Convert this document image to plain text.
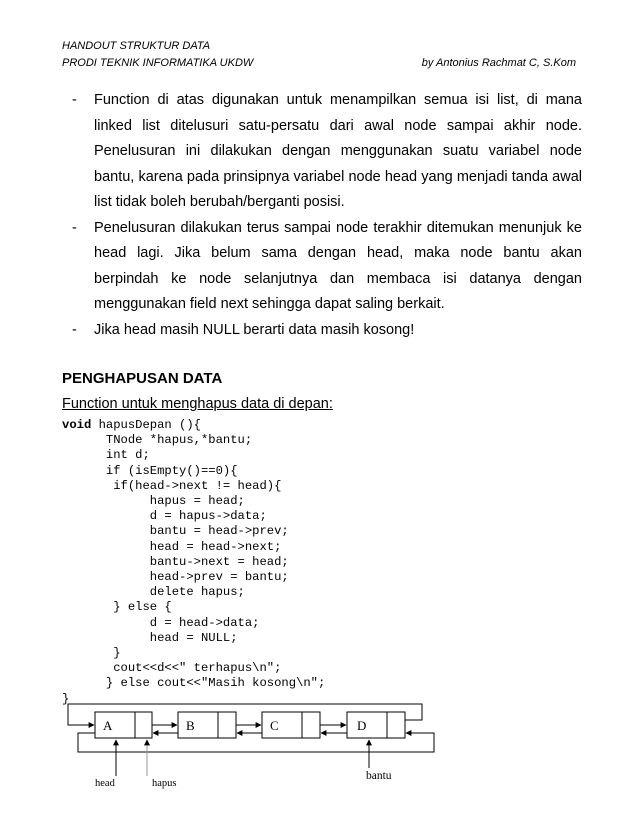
HANDOUT STRUKTUR DATA
PRODI TEKNIK INFORMATIKA UKDW	by Antonius Rachmat C, S.Kom
-	Function di atas digunakan untuk menampilkan semua isi list, di mana linked list ditelusuri satu-persatu dari awal node sampai akhir node. Penelusuran ini dilakukan dengan menggunakan suatu variabel node bantu, karena pada prinsipnya variabel node head yang menjadi tanda awal list tidak boleh berubah/berganti posisi.
-	Penelusuran dilakukan terus sampai node terakhir ditemukan menunjuk ke head lagi. Jika belum sama dengan head, maka node bantu akan berpindah ke node selanjutnya dan membaca isi datanya dengan menggunakan field next sehingga dapat saling berkait.
-	Jika head masih NULL berarti data masih kosong!
PENGHAPUSAN DATA
Function untuk menghapus data di depan:
void hapusDepan (){
TNode *hapus,*bantu;
int d;
if (isEmpty()==0){
if(head->next != head){
hapus = head;
d = hapus->data;
bantu = head->prev;
head = head->next;
bantu->next = head;
head->prev = bantu;
delete hapus;
} else {
d = head->data;
head = NULL;
}
cout<<d<<" terhapus\n";
} else cout<<"Masih kosong\n";
}
A	B	C	D
head	hapus
bantu
